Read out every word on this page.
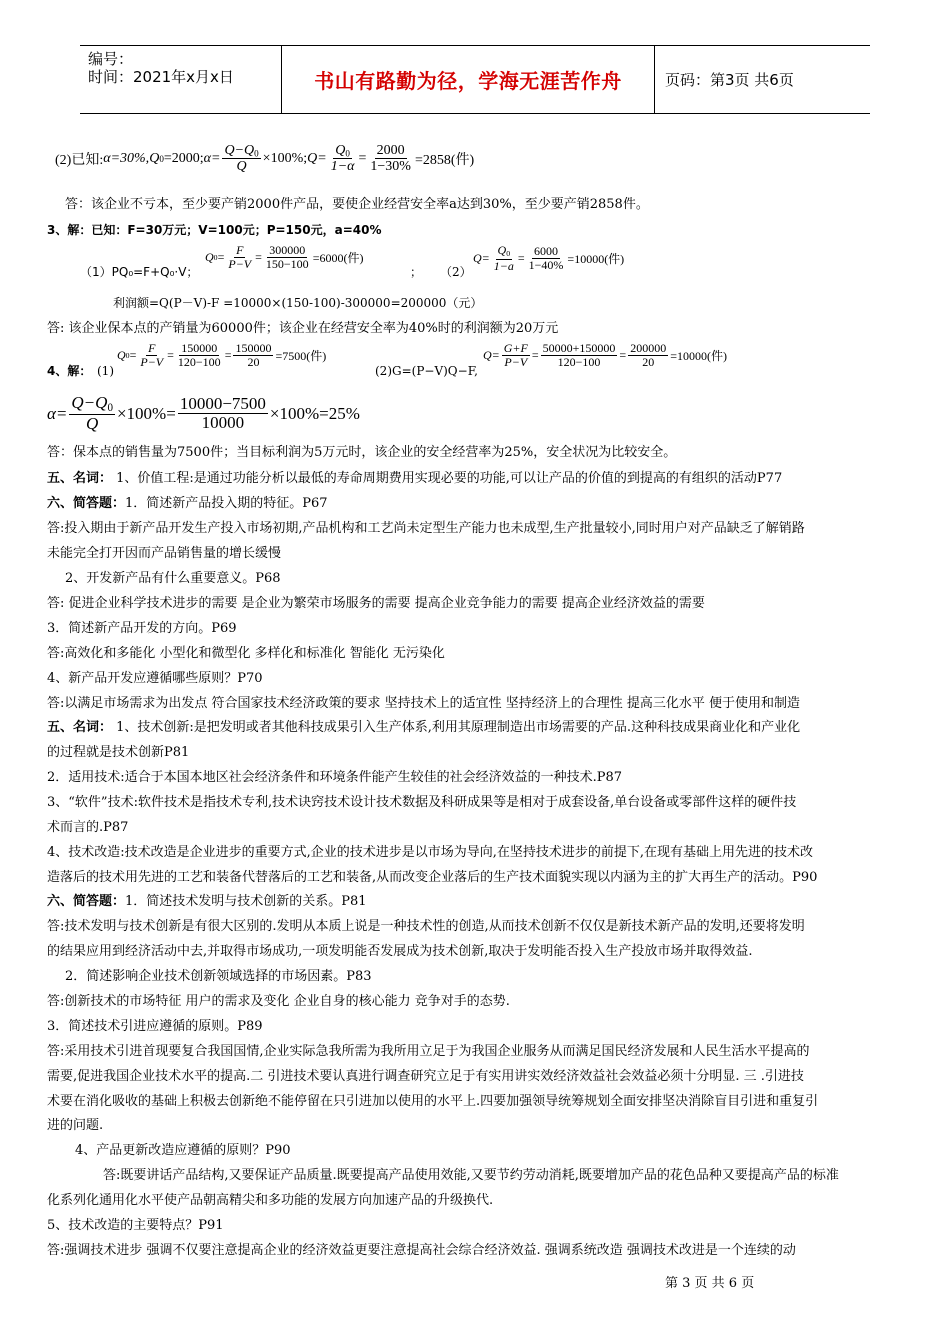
编号：
时间：2021年x月x日	书山有路勤为径，学海无涯苦作舟	页码：第3页 共6页
(2)已知: α=30%, Q 0 =2000; $\alpha= \frac{Q-Q_0}{Q} \times 100\%$; $Q= \frac{Q_0}{1-\alpha} = \frac{2000}{1-30\%} =2858$(件)
答：该企业不亏本，至少要产销2000件产品，要使企业经营安全率a达到30%，至少要产销2858件。
3、解：已知：F=30万元；V=100元；P=150元，a=40%
（1）PQ₀=F+Q₀·V；
Q $0 = \frac{F}{P-V} = \frac{300000}{150-100} =6000$(件)
； （2）
$Q= \frac{Q_0}{1-a} = \frac{6000}{1-40\%} =10000$(件)
利润额=Q(P－V)-F =10000×(150-100)-300000=200000（元）
答: 该企业保本点的产销量为60000件；该企业在经营安全率为40%时的利润额为20万元
4、解： (1)
Q $0 = \frac{F}{P-V} = \frac{150000}{120-100} = \frac{150000}{20} =7500$(件)
(2)G=(P−V)Q−F,
$Q= \frac{G+F}{P-V} = \frac{50000+150000}{120-100} = \frac{200000}{20} =10000$(件)
$\alpha= \frac{Q-Q_0}{Q} \times 100\%= \frac{10000-7500}{10000} \times 100\%=25\%$
答：保本点的销售量为7500件；当目标利润为5万元时，该企业的安全经营率为25%，安全状况为比较安全。
五、名词： 1、价值工程:是通过功能分析以最低的寿命周期费用实现必要的功能,可以让产品的价值的到提高的有组织的活动P77
六、简答题：1．简述新产品投入期的特征。P67
答:投入期由于新产品开发生产投入市场初期,产品机构和工艺尚未定型生产能力也未成型,生产批量较小,同时用户对产品缺乏了解销路
未能完全打开因而产品销售量的增长缓慢
2、开发新产品有什么重要意义。P68
答: 促进企业科学技术进步的需要 是企业为繁荣市场服务的需要 提高企业竞争能力的需要 提高企业经济效益的需要
3．简述新产品开发的方向。P69
答:高效化和多能化 小型化和微型化 多样化和标准化 智能化 无污染化
4、新产品开发应遵循哪些原则？P70
答:以满足市场需求为出发点 符合国家技术经济政策的要求 坚持技术上的适宜性 坚持经济上的合理性 提高三化水平 便于使用和制造
五、名词： 1、技术创新:是把发明或者其他科技成果引入生产体系,利用其原理制造出市场需要的产品.这种科技成果商业化和产业化
的过程就是技术创新P81
2．适用技术:适合于本国本地区社会经济条件和环境条件能产生较佳的社会经济效益的一种技术.P87
3、“软件”技术:软件技术是指技术专利,技术诀窍技术设计技术数据及科研成果等是相对于成套设备,单台设备或零部件这样的硬件技
术而言的.P87
4、技术改造:技术改造是企业进步的重要方式,企业的技术进步是以市场为导向,在坚持技术进步的前提下,在现有基础上用先进的技术改
造落后的技术用先进的工艺和装备代替落后的工艺和装备,从而改变企业落后的生产技术面貌实现以内涵为主的扩大再生产的活动。P90
六、简答题：1．简述技术发明与技术创新的关系。P81
答:技术发明与技术创新是有很大区别的.发明从本质上说是一种技术性的创造,从而技术创新不仅仅是新技术新产品的发明,还要将发明
的结果应用到经济活动中去,并取得市场成功,一项发明能否发展成为技术创新,取决于发明能否投入生产投放市场并取得效益.
2．简述影响企业技术创新领域选择的市场因素。P83
答:创新技术的市场特征 用户的需求及变化 企业自身的核心能力 竞争对手的态势.
3．简述技术引进应遵循的原则。P89
答:采用技术引进首现要复合我国国情,企业实际急我所需为我所用立足于为我国企业服务从而满足国民经济发展和人民生活水平提高的
需要,促进我国企业技术水平的提高.二 引进技术要认真进行调查研究立足于有实用讲实效经济效益社会效益必须十分明显. 三 .引进技
术要在消化吸收的基础上积极去创新绝不能停留在只引进加以使用的水平上.四要加强领导统筹规划全面安排坚决消除盲目引进和重复引
进的问题.
4、产品更新改造应遵循的原则？P90
答:既要讲话产品结构,又要保证产品质量.既要提高产品使用效能,又要节约劳动消耗,既要增加产品的花色品种又要提高产品的标准
化系列化通用化水平使产品朝高精尖和多功能的发展方向加速产品的升级换代.
5、技术改造的主要特点？P91
答:强调技术进步 强调不仅要注意提高企业的经济效益更要注意提高社会综合经济效益. 强调系统改造 强调技术改进是一个连续的动
第 3 页 共 6 页
